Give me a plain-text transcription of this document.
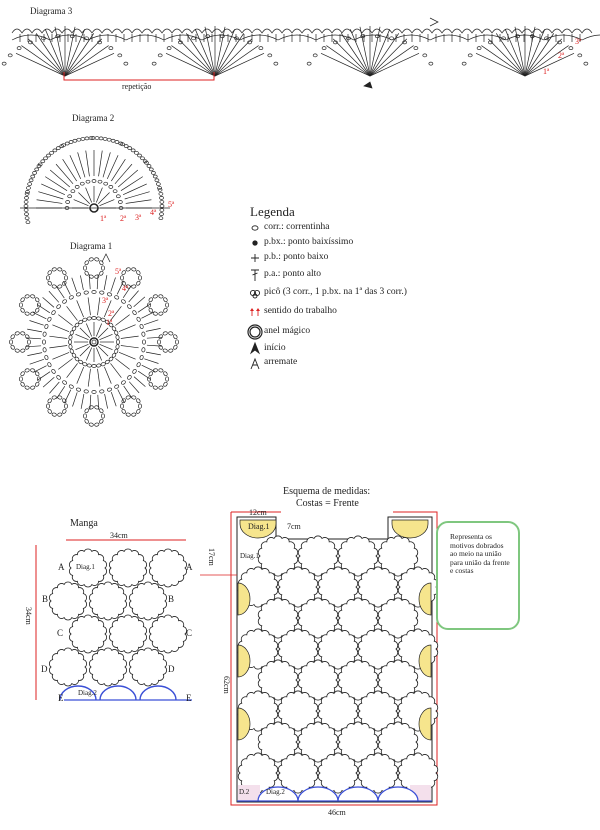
Diagrama 3
repetição
3ª
2ª
1ª
Diagrama 2
1ª 2ª 3ª
4ª
5ª
Diagrama 1
1ª
2ª
3ª
4ª
5ª
Legenda
corr.: correntinha
p.bx.: ponto baixíssimo
p.b.: ponto baixo
p.a.: ponto alto
picô (3 corr., 1 p.bx. na 1ª das 3 corr.)
sentido do trabalho
anel mágico
início
arremate
Esquema de medidas:
Costas = Frente
12cm
7cm
17cm
62cm
46cm
Diag.1
Diag.1
D.2 Diag.2
Manga
34cm
34cm
Diag.1
Diag.2
A	A
B	B
C	C
D	D
E	E
Representa os motivos dobrados ao meio na união para união da frente e costas
